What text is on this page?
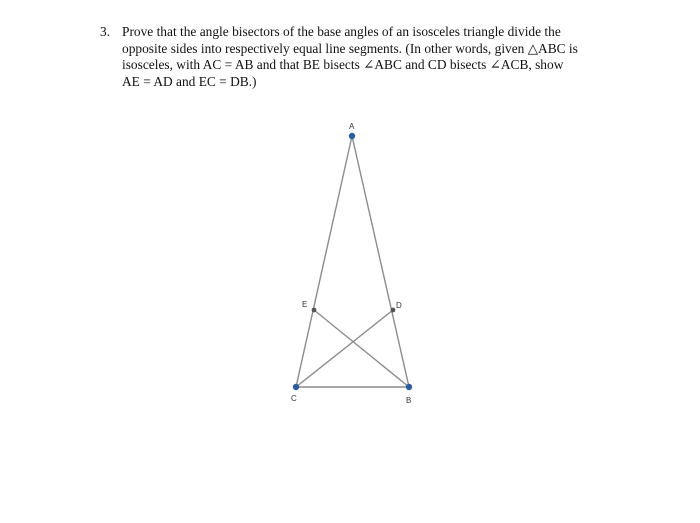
3. Prove that the angle bisectors of the base angles of an isosceles triangle divide the
opposite sides into respectively equal line segments. (In other words, given △ABC is
isosceles, with AC = AB and that BE bisects ∠ABC and CD bisects ∠ACB, show
AE = AD and EC = DB.)
A
E	D
C	B
